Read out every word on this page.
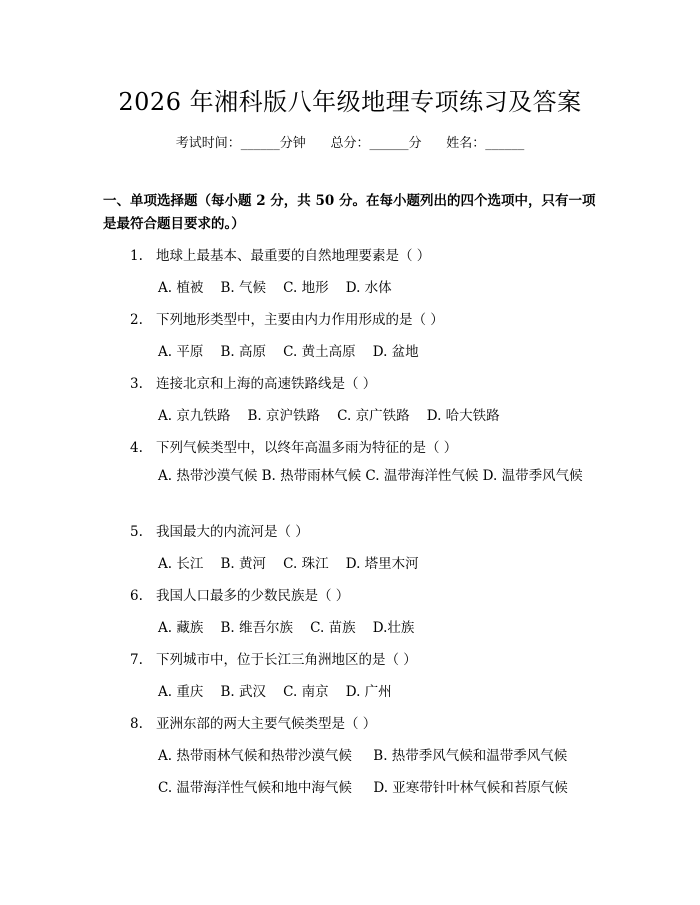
2026 年湘科版八年级地理专项练习及答案
考试时间：______分钟      总分：______分      姓名：______
一、单项选择题（每小题 2 分，共 50 分。在每小题列出的四个选项中，只有一项是最符合题目要求的。）
1. 地球上最基本、最重要的自然地理要素是（ ）
A. 植被    B. 气候    C. 地形    D. 水体
2. 下列地形类型中，主要由内力作用形成的是（ ）
A. 平原    B. 高原    C. 黄土高原    D. 盆地
3. 连接北京和上海的高速铁路线是（ ）
A. 京九铁路    B. 京沪铁路    C. 京广铁路    D. 哈大铁路
4. 下列气候类型中，以终年高温多雨为特征的是（ ）
A. 热带沙漠气候 B. 热带雨林气候 C. 温带海洋性气候 D. 温带季风气候
5. 我国最大的内流河是（ ）
A. 长江    B. 黄河    C. 珠江    D. 塔里木河
6. 我国人口最多的少数民族是（ ）
A. 藏族    B. 维吾尔族    C. 苗族    D.壮族
7. 下列城市中，位于长江三角洲地区的是（ ）
A. 重庆    B. 武汉    C. 南京    D. 广州
8. 亚洲东部的两大主要气候类型是（ ）
A. 热带雨林气候和热带沙漠气候     B. 热带季风气候和温带季风气候
C. 温带海洋性气候和地中海气候     D. 亚寒带针叶林气候和苔原气候
